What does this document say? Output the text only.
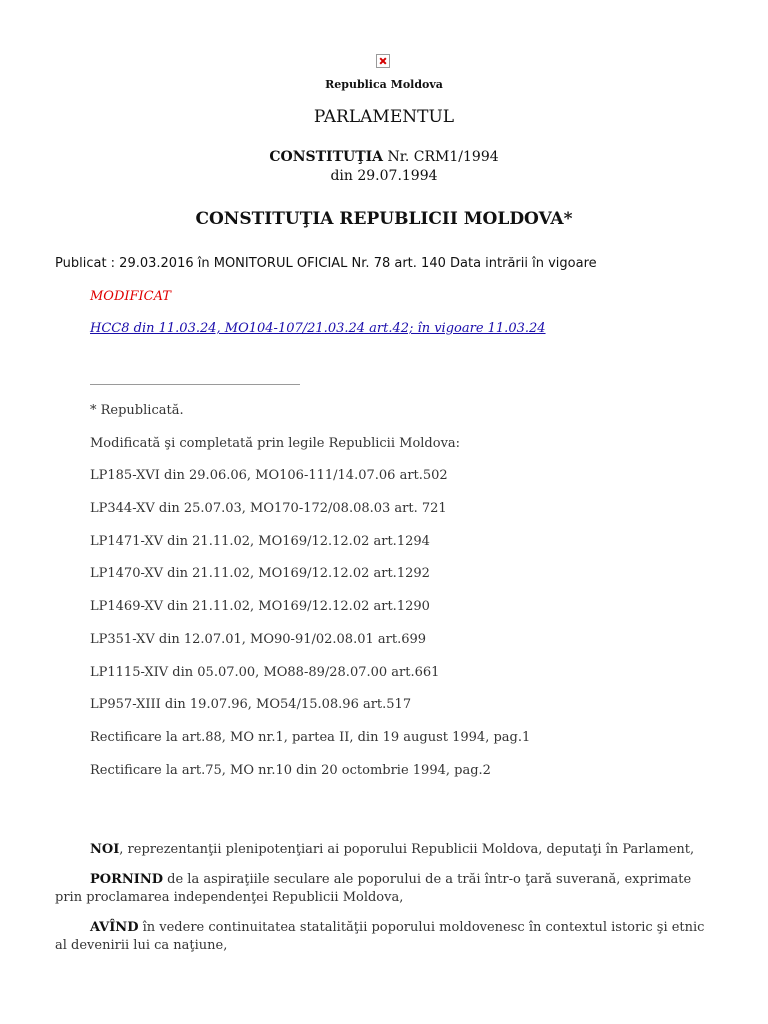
Republica Moldova
PARLAMENTUL
CONSTITUŢIA Nr. CRM1/1994
din 29.07.1994
CONSTITUŢIA REPUBLICII MOLDOVA*
Publicat : 29.03.2016 în MONITORUL OFICIAL Nr. 78 art. 140 Data intrării în vigoare
MODIFICAT
HCC8 din 11.03.24, MO104-107/21.03.24 art.42; în vigoare 11.03.24
* Republicată.
Modificată şi completată prin legile Republicii Moldova:
LP185-XVI din 29.06.06, MO106-111/14.07.06 art.502
LP344-XV din 25.07.03, MO170-172/08.08.03 art. 721
LP1471-XV din 21.11.02, MO169/12.12.02 art.1294
LP1470-XV din 21.11.02, MO169/12.12.02 art.1292
LP1469-XV din 21.11.02, MO169/12.12.02 art.1290
LP351-XV din 12.07.01, MO90-91/02.08.01 art.699
LP1115-XIV din 05.07.00, MO88-89/28.07.00 art.661
LP957-XIII din 19.07.96, MO54/15.08.96 art.517
Rectificare la art.88, MO nr.1, partea II, din 19 august 1994, pag.1
Rectificare la art.75, MO nr.10 din 20 octombrie 1994, pag.2

NOI, reprezentanţii plenipotenţiari ai poporului Republicii Moldova, deputaţi în Parlament,

PORNIND de la aspiraţiile seculare ale poporului de a trăi într-o ţară suverană, exprimate prin proclamarea independenţei Republicii Moldova,

AVÎND în vedere continuitatea statalităţii poporului moldovenesc în contextul istoric şi etnic al devenirii lui ca naţiune,
